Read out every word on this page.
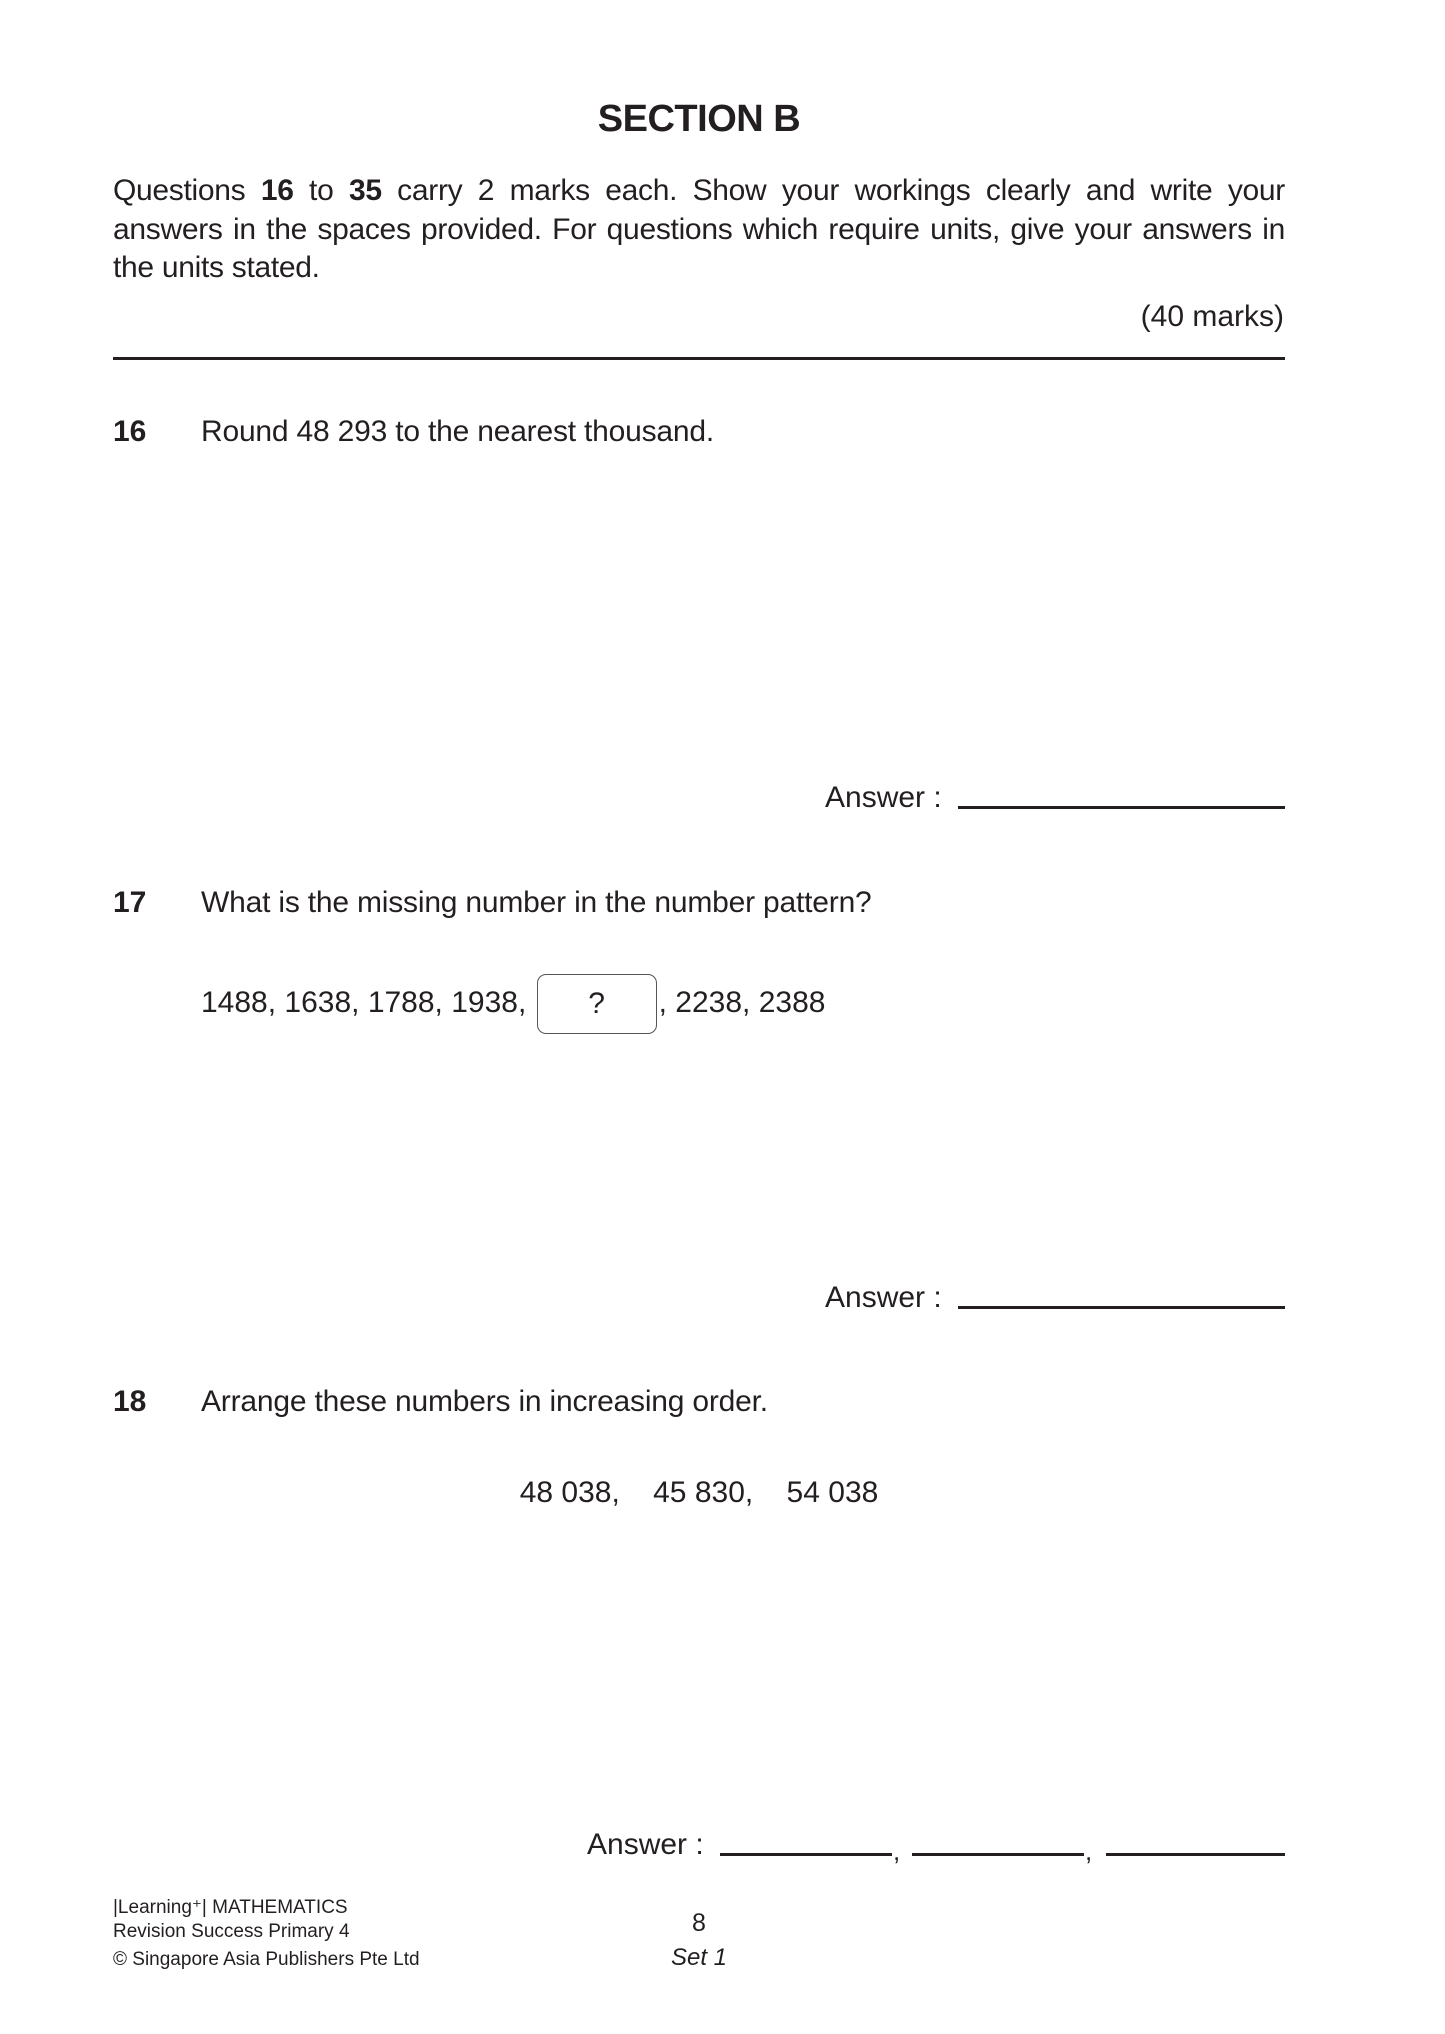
SECTION B
Questions 16 to 35 carry 2 marks each. Show your workings clearly and write your answers in the spaces provided. For questions which require units, give your answers in the units stated.
(40 marks)
16 Round 48 293 to the nearest thousand.
Answer :
17 What is the missing number in the number pattern?
1488, 1638, 1788, 1938,	?	, 2238, 2388
Answer :
18 Arrange these numbers in increasing order.
48 038,    45 830,    54 038
Answer :	,	,
|Learning⁺| MATHEMATICS
Revision Success Primary 4
© Singapore Asia Publishers Pte Ltd
8
Set 1
